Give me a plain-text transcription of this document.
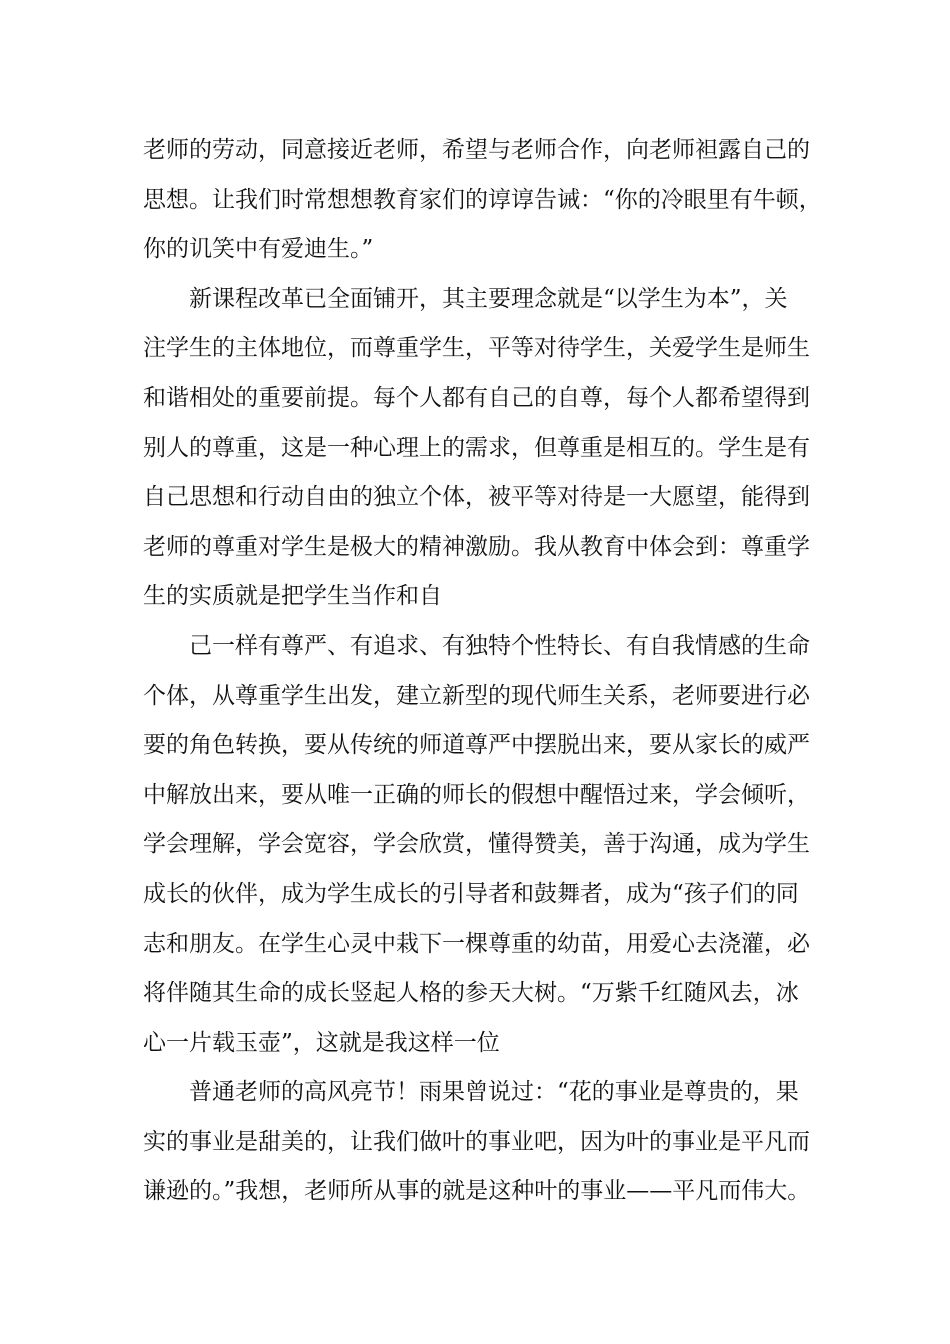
老师的劳动，同意接近老师，希望与老师合作，向老师袒露自己的
思想。让我们时常想想教育家们的谆谆告诫：“你的冷眼里有牛顿，
你的讥笑中有爱迪生。”
新课程改革已全面铺开，其主要理念就是“以学生为本”，关
注学生的主体地位，而尊重学生，平等对待学生，关爱学生是师生
和谐相处的重要前提。每个人都有自己的自尊，每个人都希望得到
别人的尊重，这是一种心理上的需求，但尊重是相互的。学生是有
自己思想和行动自由的独立个体，被平等对待是一大愿望，能得到
老师的尊重对学生是极大的精神激励。我从教育中体会到：尊重学
生的实质就是把学生当作和自
己一样有尊严、有追求、有独特个性特长、有自我情感的生命
个体，从尊重学生出发，建立新型的现代师生关系，老师要进行必
要的角色转换，要从传统的师道尊严中摆脱出来，要从家长的威严
中解放出来，要从唯一正确的师长的假想中醒悟过来，学会倾听，
学会理解，学会宽容，学会欣赏，懂得赞美，善于沟通，成为学生
成长的伙伴，成为学生成长的引导者和鼓舞者，成为“孩子们的同
志和朋友。在学生心灵中栽下一棵尊重的幼苗，用爱心去浇灌，必
将伴随其生命的成长竖起人格的参天大树。“万紫千红随风去，冰
心一片载玉壶”，这就是我这样一位
普通老师的高风亮节！雨果曾说过：“花的事业是尊贵的，果
实的事业是甜美的，让我们做叶的事业吧，因为叶的事业是平凡而
谦逊的。”我想，老师所从事的就是这种叶的事业——平凡而伟大。
